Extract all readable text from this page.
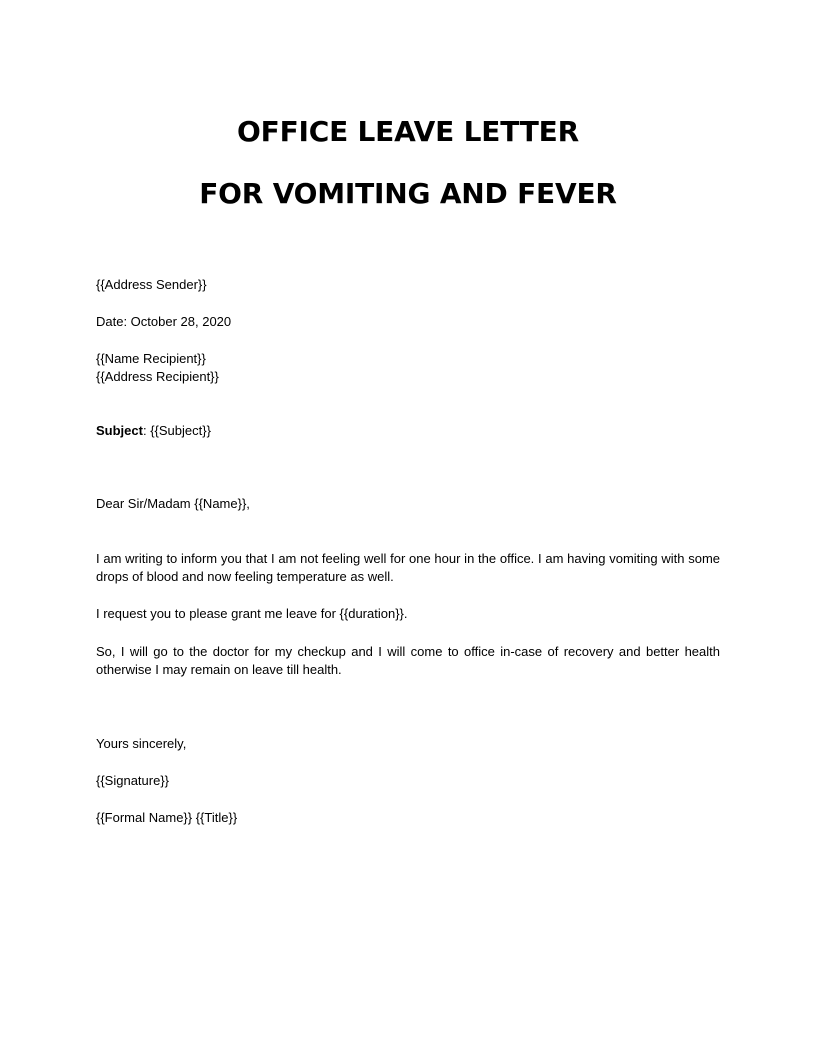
OFFICE LEAVE LETTER
FOR VOMITING AND FEVER
{{Address Sender}}
Date: October 28, 2020
{{Name Recipient}}
{{Address Recipient}}
Subject: {{Subject}}
Dear Sir/Madam {{Name}},
I am writing to inform you that I am not feeling well for one hour in the office. I am having vomiting with some drops of blood and now feeling temperature as well.
I request you to please grant me leave for {{duration}}.
So, I will go to the doctor for my checkup and I will come to office in-case of recovery and better health otherwise I may remain on leave till health.
Yours sincerely,
{{Signature}}
{{Formal Name}} {{Title}}
